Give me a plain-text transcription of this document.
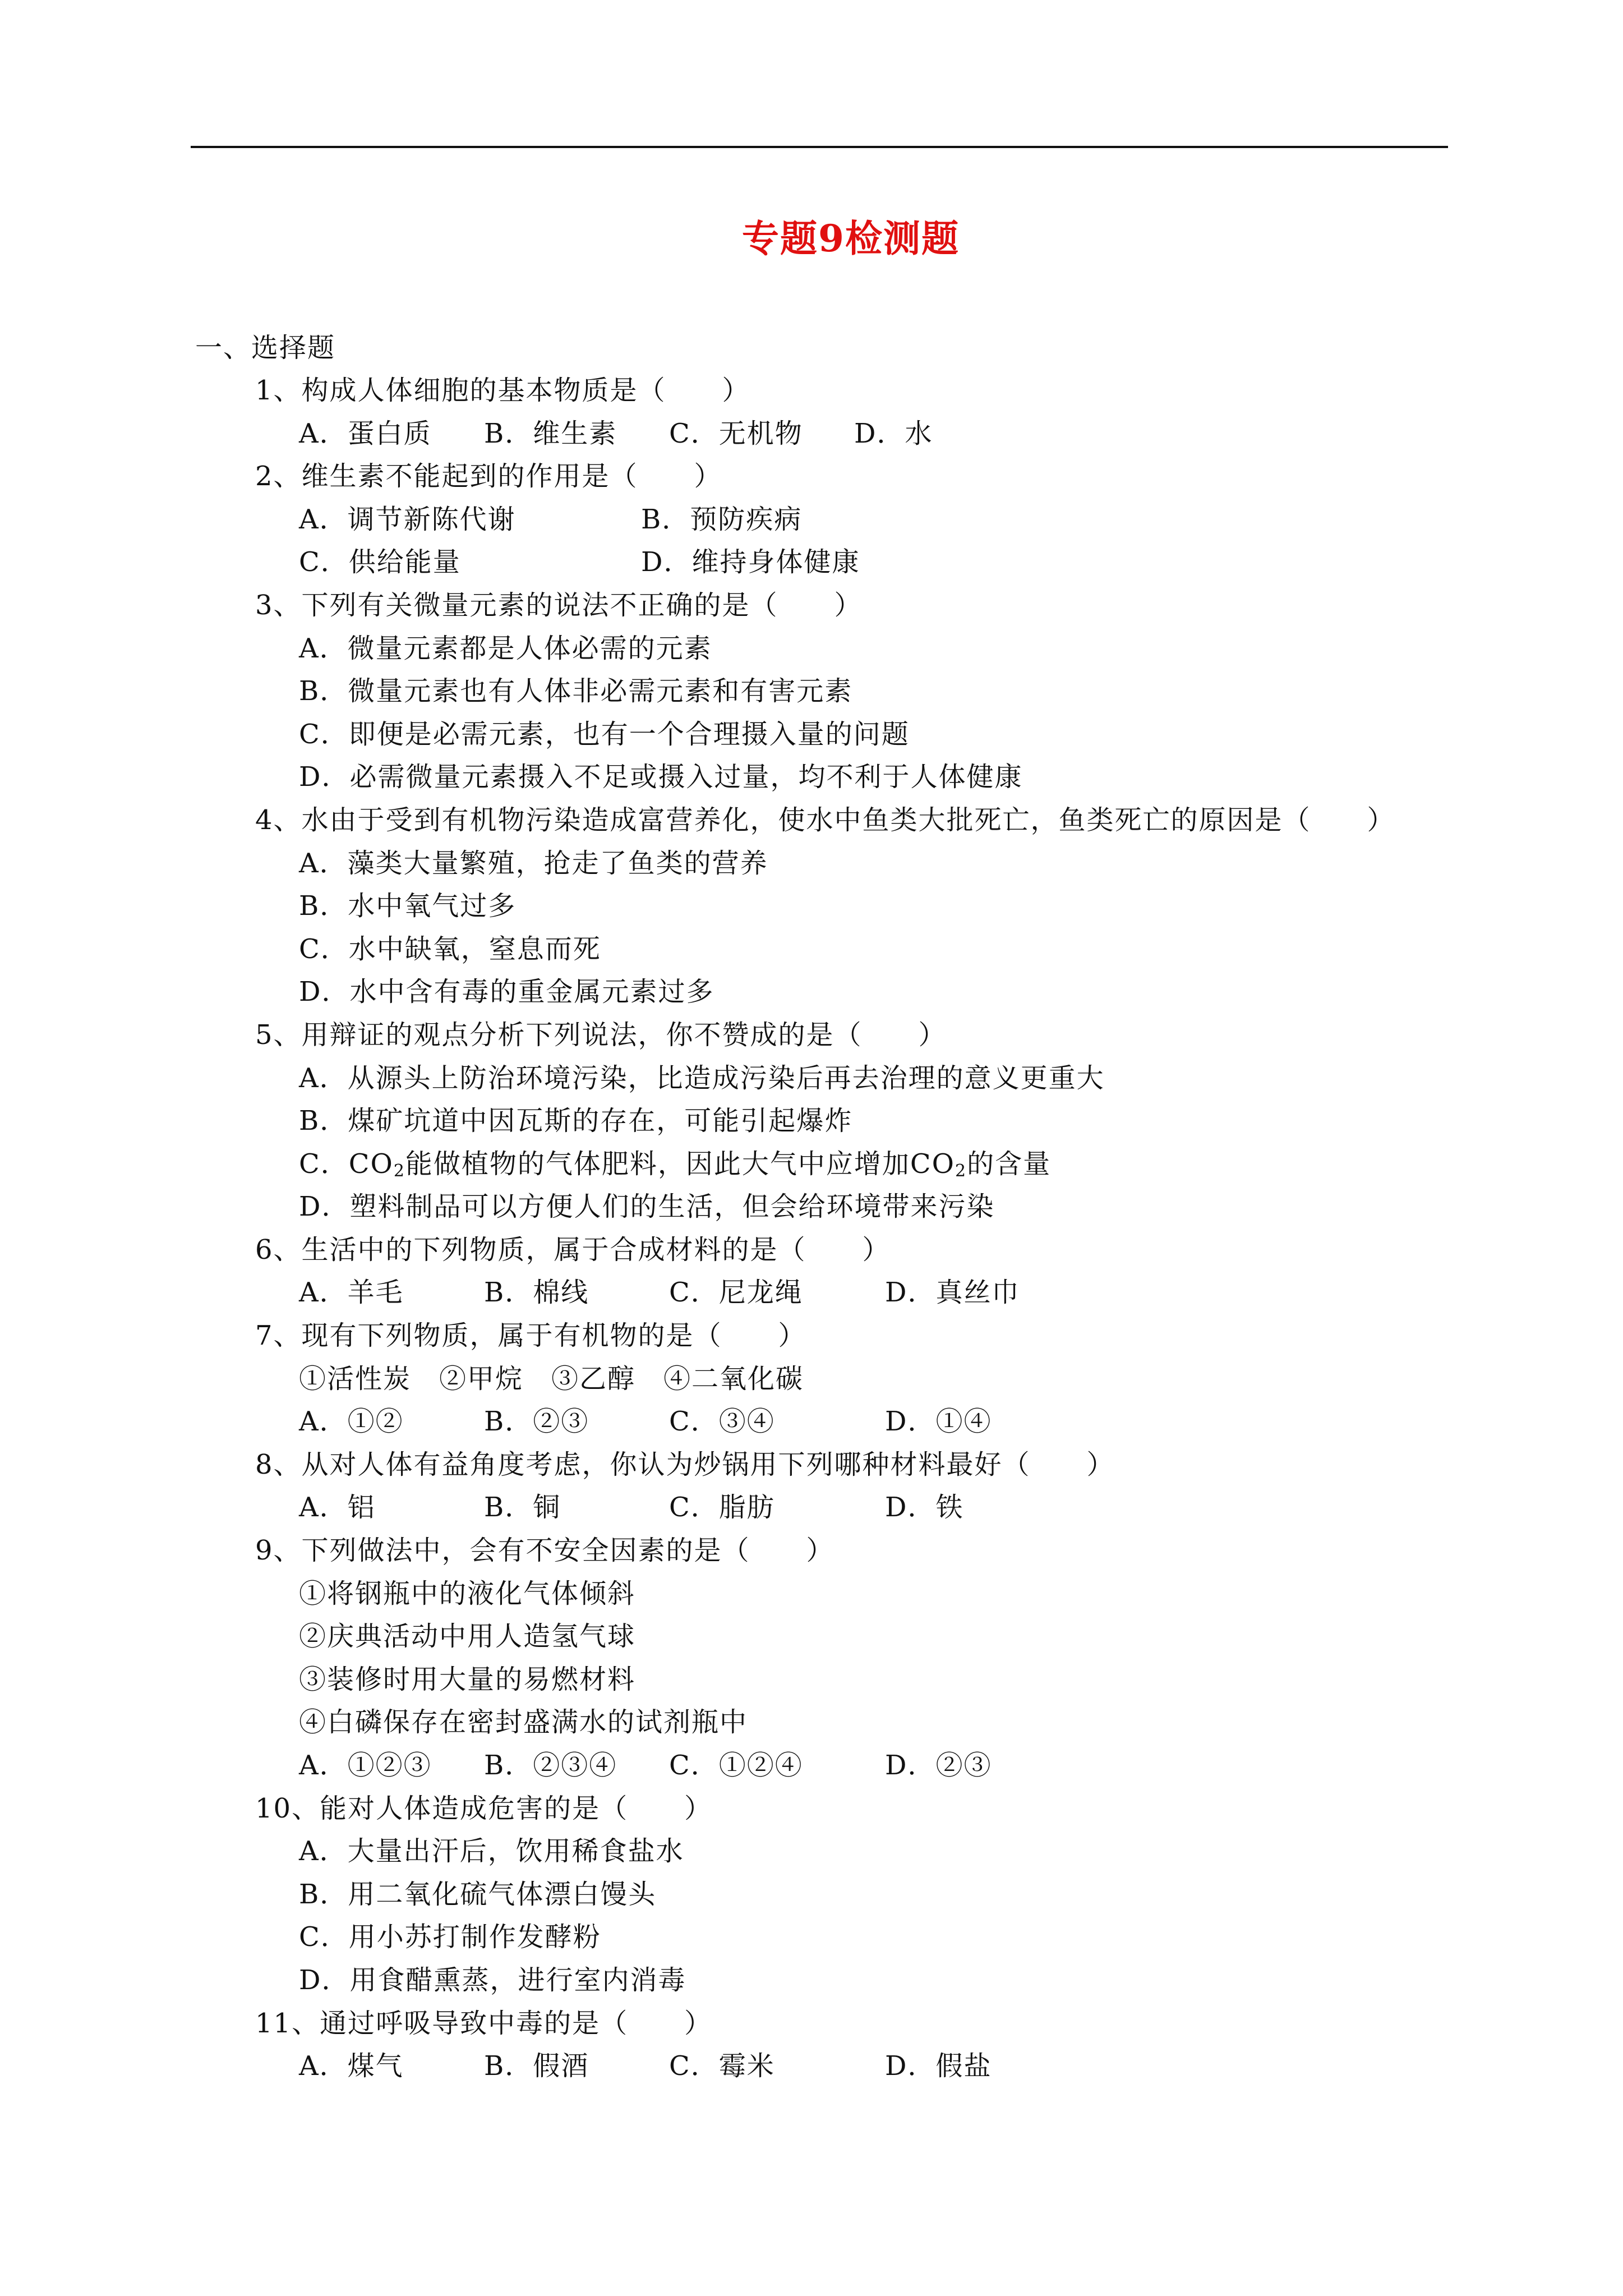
专题9检测题

一、选择题

1、构成人体细胞的基本物质是（　　）
A．蛋白质	B．维生素	C．无机物	D．水
2、维生素不能起到的作用是（　　）
A．调节新陈代谢	B．预防疾病
C．供给能量	D．维持身体健康
3、下列有关微量元素的说法不正确的是（　　）
A．微量元素都是人体必需的元素
B．微量元素也有人体非必需元素和有害元素
C．即便是必需元素，也有一个合理摄入量的问题
D．必需微量元素摄入不足或摄入过量，均不利于人体健康
4、水由于受到有机物污染造成富营养化，使水中鱼类大批死亡，鱼类死亡的原因是（　　）
A．藻类大量繁殖，抢走了鱼类的营养
B．水中氧气过多
C．水中缺氧，窒息而死
D．水中含有毒的重金属元素过多
5、用辩证的观点分析下列说法，你不赞成的是（　　）
A．从源头上防治环境污染，比造成污染后再去治理的意义更重大
B．煤矿坑道中因瓦斯的存在，可能引起爆炸
C．$CO_2$能做植物的气体肥料，因此大气中应增加$CO_2$的含量
D．塑料制品可以方便人们的生活，但会给环境带来污染
6、生活中的下列物质，属于合成材料的是（　　）
A．羊毛	B．棉线	C．尼龙绳	D．真丝巾
7、现有下列物质，属于有机物的是（　　）
①活性炭　②甲烷　③乙醇　④二氧化碳
A．①②	B．②③	C．③④	D．①④
8、从对人体有益角度考虑，你认为炒锅用下列哪种材料最好（　　）
A．铝	B．铜	C．脂肪	D．铁
9、下列做法中，会有不安全因素的是（　　）
①将钢瓶中的液化气体倾斜
②庆典活动中用人造氢气球
③装修时用大量的易燃材料
④白磷保存在密封盛满水的试剂瓶中
A．①②③	B．②③④	C．①②④	D．②③
10、能对人体造成危害的是（　　）
A．大量出汗后，饮用稀食盐水
B．用二氧化硫气体漂白馒头
C．用小苏打制作发酵粉
D．用食醋熏蒸，进行室内消毒
11、通过呼吸导致中毒的是（　　）
A．煤气	B．假酒	C．霉米	D．假盐
